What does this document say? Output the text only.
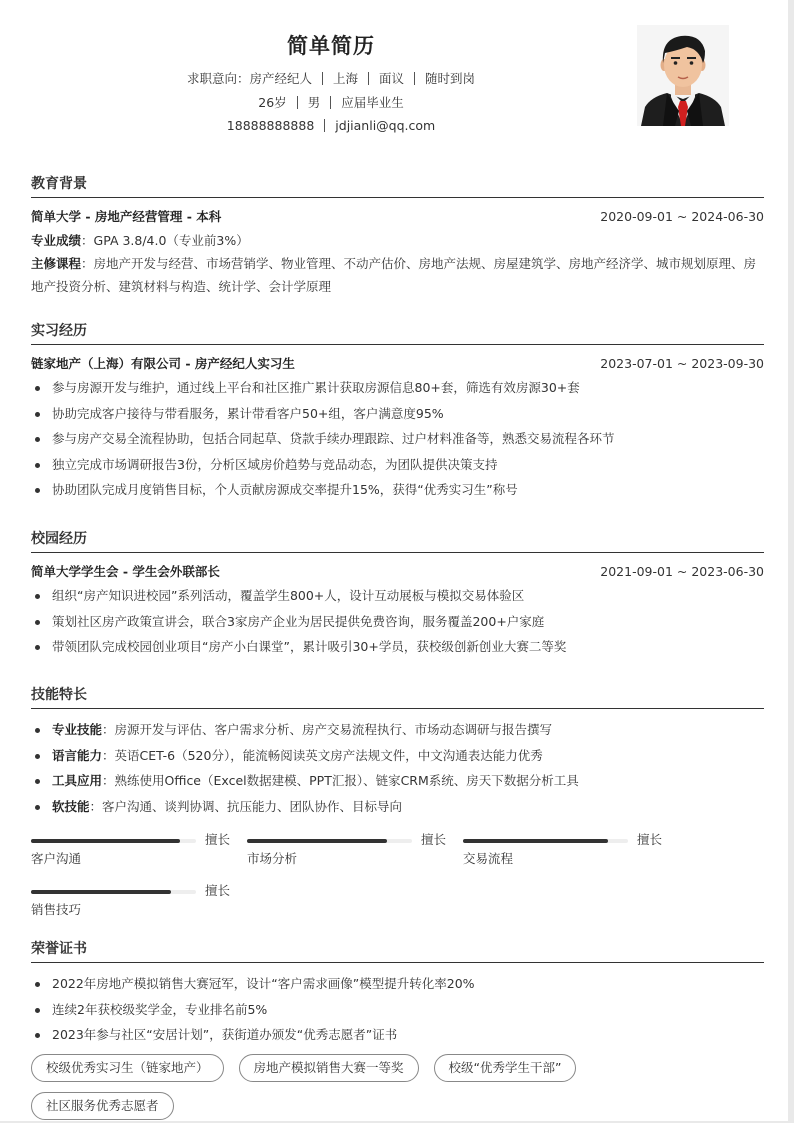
简单简历
求职意向：房产经纪人 上海 面议 随时到岗
26岁 男 应届毕业生
18888888888 jdjianli@qq.com
教育背景
简单大学 - 房地产经营管理 - 本科	2020-09-01 ~ 2024-06-30
专业成绩：GPA 3.8/4.0（专业前3%）
主修课程：房地产开发与经营、市场营销学、物业管理、不动产估价、房地产法规、房屋建筑学、房地产经济学、城市规划原理、房地产投资分析、建筑材料与构造、统计学、会计学原理
实习经历
链家地产（上海）有限公司 - 房产经纪人实习生	2023-07-01 ~ 2023-09-30
参与房源开发与维护，通过线上平台和社区推广累计获取房源信息80+套，筛选有效房源30+套
协助完成客户接待与带看服务，累计带看客户50+组，客户满意度95%
参与房产交易全流程协助，包括合同起草、贷款手续办理跟踪、过户材料准备等，熟悉交易流程各环节
独立完成市场调研报告3份，分析区域房价趋势与竞品动态，为团队提供决策支持
协助团队完成月度销售目标，个人贡献房源成交率提升15%，获得“优秀实习生”称号
校园经历
简单大学学生会 - 学生会外联部长	2021-09-01 ~ 2023-06-30
组织“房产知识进校园”系列活动，覆盖学生800+人，设计互动展板与模拟交易体验区
策划社区房产政策宣讲会，联合3家房产企业为居民提供免费咨询，服务覆盖200+户家庭
带领团队完成校园创业项目“房产小白课堂”，累计吸引30+学员，获校级创新创业大赛二等奖
技能特长
专业技能：房源开发与评估、客户需求分析、房产交易流程执行、市场动态调研与报告撰写
语言能力：英语CET-6（520分），能流畅阅读英文房产法规文件，中文沟通表达能力优秀
工具应用：熟练使用Office（Excel数据建模、PPT汇报）、链家CRM系统、房天下数据分析工具
软技能：客户沟通、谈判协调、抗压能力、团队协作、目标导向
擅长
客户沟通
擅长
市场分析
擅长
交易流程
擅长
销售技巧
荣誉证书
2022年房地产模拟销售大赛冠军，设计“客户需求画像”模型提升转化率20%
连续2年获校级奖学金，专业排名前5%
2023年参与社区“安居计划”，获街道办颁发“优秀志愿者”证书
校级优秀实习生（链家地产）	房地产模拟销售大赛一等奖	校级“优秀学生干部”
社区服务优秀志愿者
